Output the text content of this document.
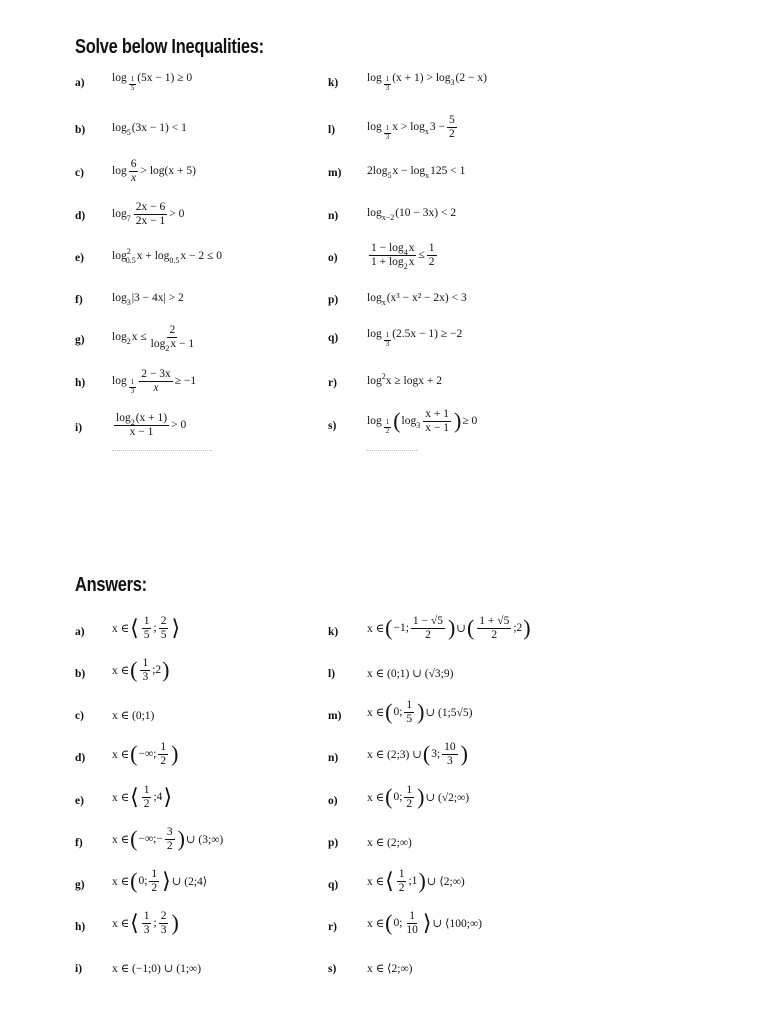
Solve below Inequalities:
a) $\log \frac{1}{5} (5x - 1) \ge 0$
b) log 5 (3x − 1) < 1
c) $\log \frac{6}{x} > \log(x + 5)$
d) $\log 7 \frac{2x - 6}{2x - 1} > 0$
e) log 2
0.5 x + log 0.5 x − 2 ≤ 0
f)	log 3 |3 − 4x| > 2
g) log 2 $x \le \frac{2}{\log_2x - 1}$
h) $\log \frac{1}{3} \frac{2 - 3x}{x} \ge -1$
i)	$\frac{\log_2(x + 1)}{x - 1} > 0$
k)	$\log \frac{1}{3} (x + 1) > \log 3$ (2 − x)
l)	$\log \frac{1}{3}$ x > log x $3 - \frac{5}{2}$
m) 2log 5 x − log x 125 < 1
n)	log x−2 (10 − 3x) < 2
o)	$\frac{1 - \log_4x}{1 + \log_2x} \le \frac{1}{2}$
p)	log x (x³ − x² − 2x) < 3
q)	$\log \frac{1}{3} (2.5x - 1) \ge -2$
r)	log 2 x ≥ logx + 2
s)	$\log \frac{1}{2}$ ( $\log 3 \frac{x + 1}{x - 1}$ ) ≥ 0
Answers:
a) x ∈ ⟨ $\frac{1}{5}$ ; $\frac{2}{5}$ ⟩
b) x ∈ ( $\frac{1}{3}$ ;2 )
c) x ∈ (0;1)
d) x ∈ ( −∞; $\frac{1}{2}$ )
e) x ∈ ⟨ $\frac{1}{2}$ ;4 ⟩
f)	x ∈ ( −∞;− $\frac{3}{2}$ ) ∪ (3;∞)
g) x ∈ ( 0; $\frac{1}{2}$ ⟩ ∪ (2;4⟩
h) x ∈ ⟨ $\frac{1}{3}$ ; $\frac{2}{3}$ )
i)	x ∈ (−1;0) ∪ (1;∞)
k)	x ∈ ( −1; $\frac{1 - √5}{2}$ ) ∪ ( $\frac{1 + √5}{2}$ ;2 )
l)	x ∈ (0;1) ∪ (√3;9)
m) x ∈ ( 0; $\frac{1}{5}$ ) ∪ (1;5√5)
n)	x ∈ (2;3) ∪ ( 3; $\frac{10}{3}$ )
o)	x ∈ ( 0; $\frac{1}{2}$ ) ∪ (√2;∞)
p)	x ∈ (2;∞)
q)	x ∈ ⟨ $\frac{1}{2}$ ;1 ) ∪ ⟨2;∞)
r)	x ∈ ( 0; $\frac{1}{10}$ ⟩ ∪ ⟨100;∞)
s)	x ∈ ⟨2;∞)
